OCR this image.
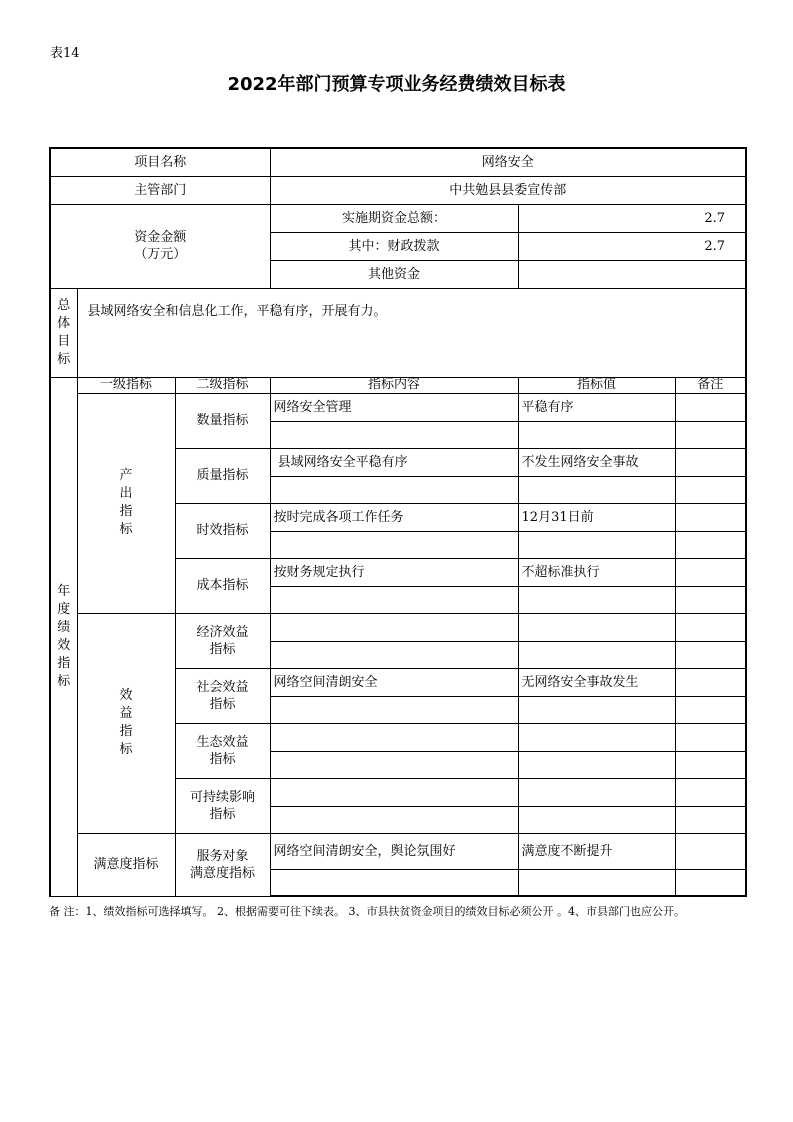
表14
2022年部门预算专项业务经费绩效目标表
项目名称			网络安全		
主管部门			中共勉县县委宣传部		

资金金额
（万元）			实施期资金总额：	2.7	
			其中：财政拨款	2.7	
			其他资金		

总体目标	县域网络安全和信息化工作，平稳有序，开展有力。				

年度绩效指标	一级指标	二级指标	指标内容	指标值	备注

	产出指标	数量指标	网络安全管理	平稳有序	

		质量指标	县域网络安全平稳有序	不发生网络安全事故	

		时效指标	按时完成各项工作任务	12月31日前	

		成本指标	按财务规定执行	不超标准执行	

	效益指标	经济效益
指标			

		社会效益
指标	网络空间清朗安全	无网络安全事故发生	

		生态效益
指标			

		可持续影响
指标			

	满意度指标	服务对象
满意度指标	网络空间清朗安全，舆论氛围好	满意度不断提升	

备 注：1、绩效指标可选择填写。 2、根据需要可往下续表。 3、市县扶贫资金项目的绩效目标必须公开 。4、市县部门也应公开。
